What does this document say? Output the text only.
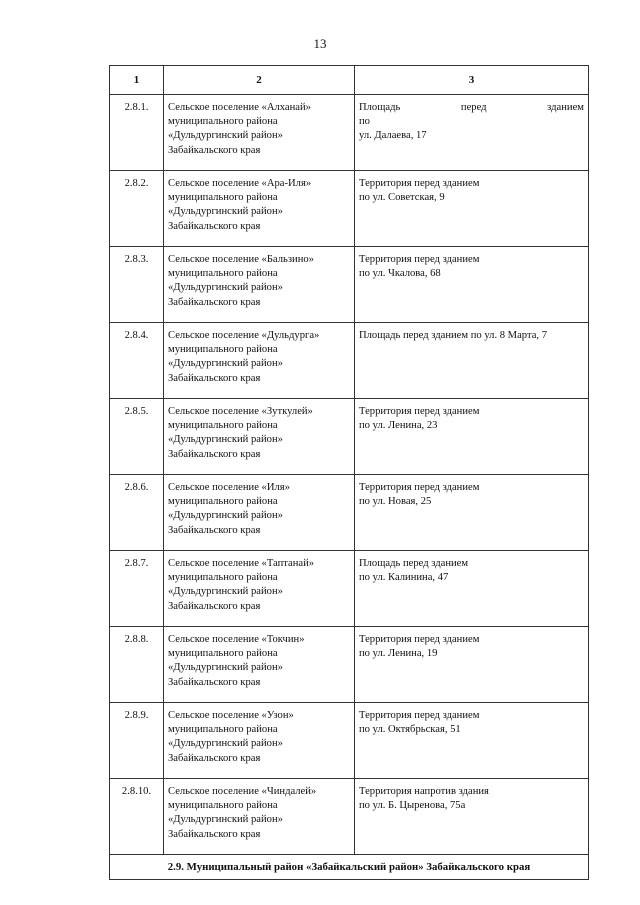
13
1	2	3
2.8.1.	Сельское поселение «Алханай»
муниципального района
«Дульдургинский район»
Забайкальского края	Площадь перед зданием
по
ул. Далаева, 17
2.8.2.	Сельское поселение «Ара-Иля»
муниципального района
«Дульдургинский район»
Забайкальского края	Территория перед зданием
по ул. Советская, 9
2.8.3.	Сельское поселение «Бальзино»
муниципального района
«Дульдургинский район»
Забайкальского края	Территория перед зданием
по ул. Чкалова, 68
2.8.4.	Сельское поселение «Дульдурга»
муниципального района
«Дульдургинский район»
Забайкальского края	Площадь перед зданием по ул. 8 Марта, 7
2.8.5.	Сельское поселение «Зуткулей»
муниципального района
«Дульдургинский район»
Забайкальского края	Территория перед зданием
по ул. Ленина, 23
2.8.6.	Сельское поселение «Иля»
муниципального района
«Дульдургинский район»
Забайкальского края	Территория перед зданием
по ул. Новая, 25
2.8.7.	Сельское поселение «Таптанай»
муниципального района
«Дульдургинский район»
Забайкальского края	Площадь перед зданием
по ул. Калинина, 47
2.8.8.	Сельское поселение «Токчин»
муниципального района
«Дульдургинский район»
Забайкальского края	Территория перед зданием
по ул. Ленина, 19
2.8.9.	Сельское поселение «Узон»
муниципального района
«Дульдургинский район»
Забайкальского края	Территория перед зданием
по ул. Октябрьская, 51
2.8.10.	Сельское поселение «Чиндалей»
муниципального района
«Дульдургинский район»
Забайкальского края	Территория напротив здания
по ул. Б. Цыренова, 75а
2.9. Муниципальный район «Забайкальский район» Забайкальского края		
